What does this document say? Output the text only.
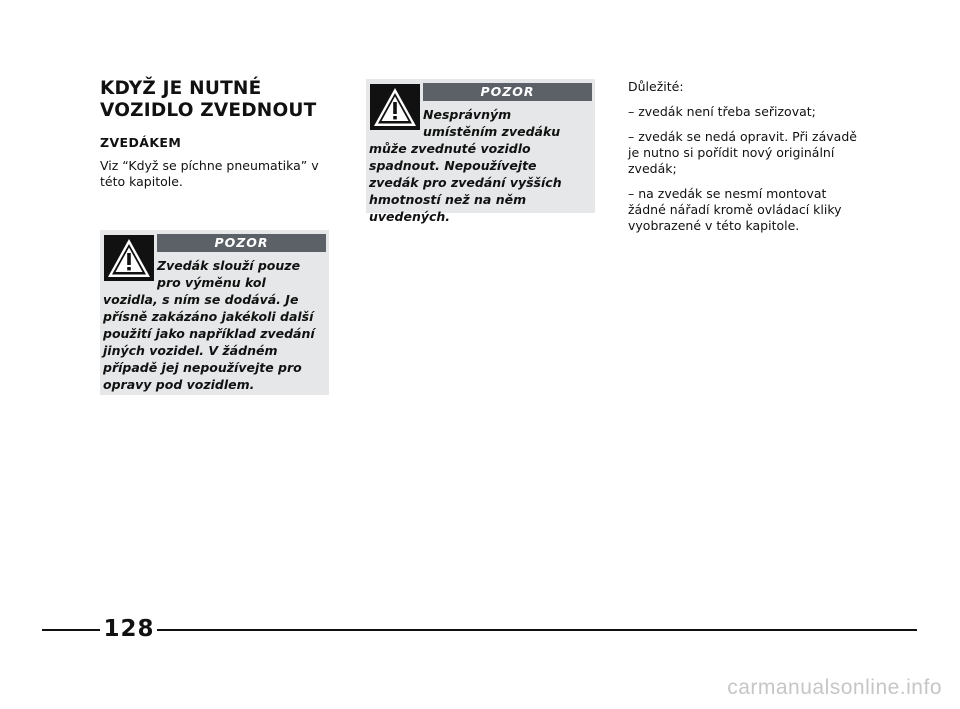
KDYŽ JE NUTNÉ
VOZIDLO ZVEDNOUT
ZVEDÁKEM

Viz “Když se píchne pneumatika” v této kapitole.

POZOR

Zvedák slouží pouze pro výměnu kol vozidla, s ním se dodává. Je přísně zakázáno jakékoli další použití jako například zvedání jiných vozidel. V žádném případě jej nepoužívejte pro opravy pod vozidlem.

POZOR

Nesprávným umístěním zvedáku může zvednuté vozidlo spadnout. Nepoužívejte zvedák pro zvedání vyšších hmotností než na něm uvedených.

Důležité:

– zvedák není třeba seřizovat;

– zvedák se nedá opravit. Při závadě je nutno si pořídit nový originální zvedák;

– na zvedák se nesmí montovat žádné nářadí kromě ovládací kliky vyobrazené v této kapitole.

128
carmanualsonline.info
